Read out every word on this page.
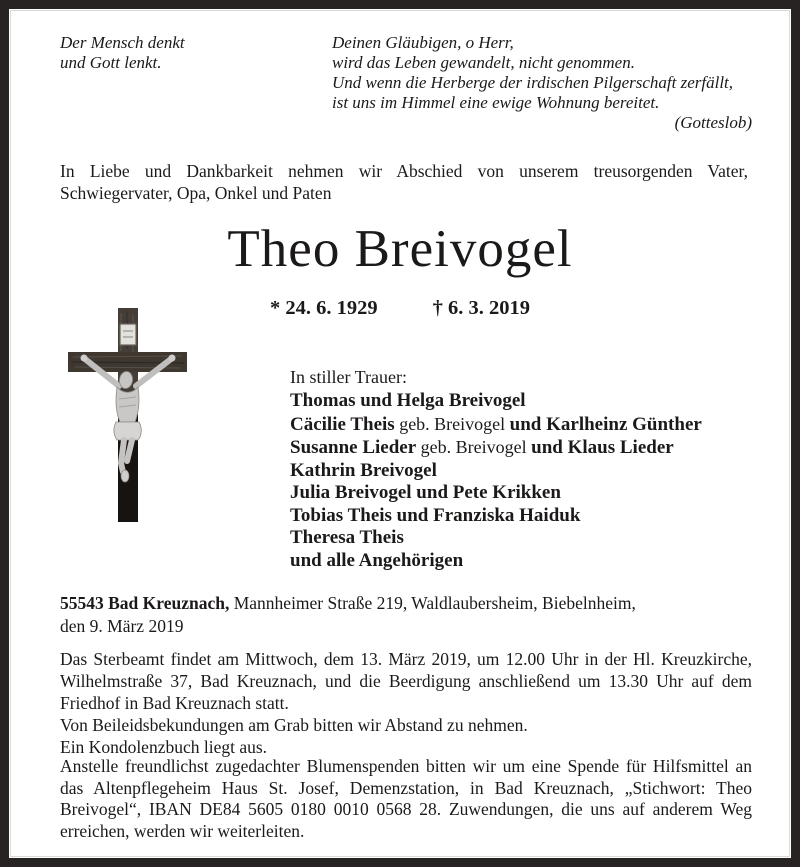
Der Mensch denkt
und Gott lenkt.
Deinen Gläubigen, o Herr,
wird das Leben gewandelt, nicht genommen.
Und wenn die Herberge der irdischen Pilgerschaft zerfällt,
ist uns im Himmel eine ewige Wohnung bereitet.
(Gotteslob)
In Liebe und Dankbarkeit nehmen wir Abschied von unserem treusorgenden Vater, Schwiegervater, Opa, Onkel und Paten
Theo Breivogel
* 24. 6. 1929	† 6. 3. 2019
In stiller Trauer:
Thomas und Helga Breivogel
Cäcilie Theis geb. Breivogel und Karlheinz Günther
Susanne Lieder geb. Breivogel und Klaus Lieder
Kathrin Breivogel
Julia Breivogel und Pete Krikken
Tobias Theis und Franziska Haiduk
Theresa Theis
und alle Angehörigen
55543 Bad Kreuznach, Mannheimer Straße 219, Waldlaubersheim, Biebelnheim,
den 9. März 2019
Das Sterbeamt findet am Mittwoch, dem 13. März 2019, um 12.00 Uhr in der Hl. Kreuzkirche, Wilhelmstraße 37, Bad Kreuznach, und die Beerdigung anschließend um 13.30 Uhr auf dem Friedhof in Bad Kreuznach statt.
Von Beileidsbekundungen am Grab bitten wir Abstand zu nehmen.
Ein Kondolenzbuch liegt aus.
Anstelle freundlichst zugedachter Blumenspenden bitten wir um eine Spende für Hilfsmittel an das Altenpflegeheim Haus St. Josef, Demenzstation, in Bad Kreuznach, „Stichwort: Theo Breivogel“, IBAN DE84 5605 0180 0010 0568 28. Zuwendungen, die uns auf anderem Weg erreichen, werden wir weiterleiten.
